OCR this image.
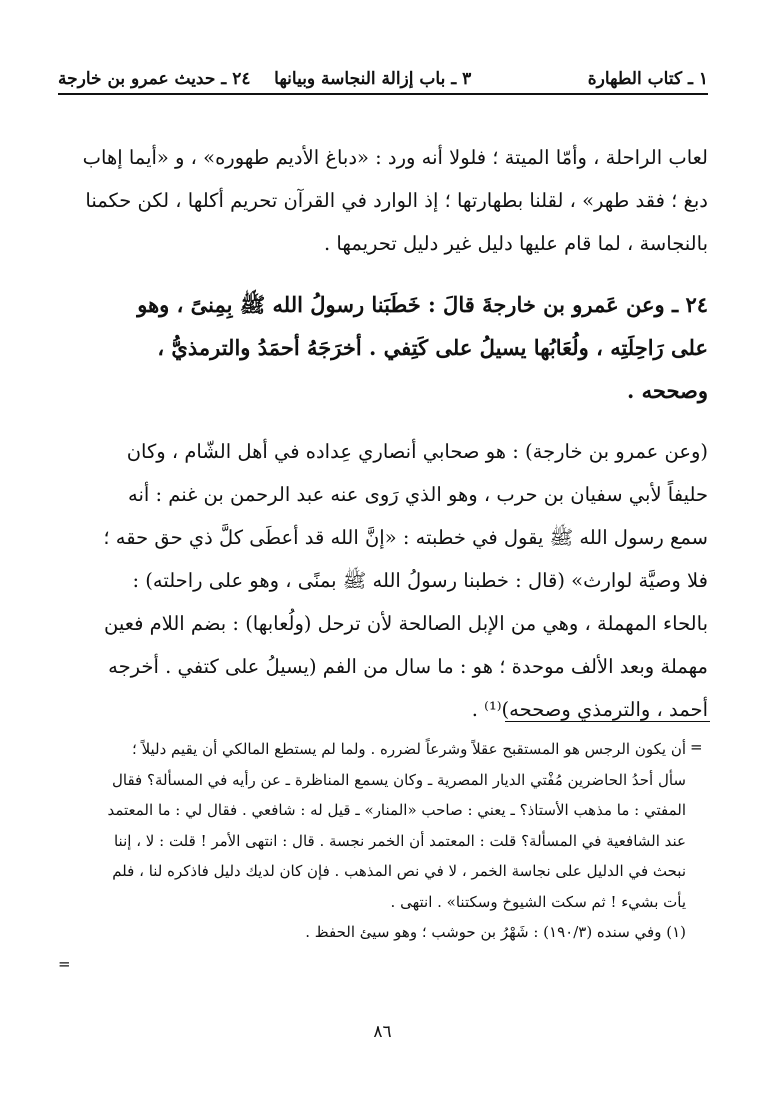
١ ـ كتاب الطهارة
٣ ـ باب إزالة النجاسة وبيانها    ٢٤ ـ حديث عمرو بن خارجة

لعاب الراحلة ، وأمّا الميتة ؛ فلولا أنه ورد : «دباغ الأديم طهوره» ، و «أيما إهاب
دبغ ؛ فقد طهر» ، لقلنا بطهارتها ؛ إذ الوارد في القرآن تحريم أكلها ، لكن حكمنا
بالنجاسة ، لما قام عليها دليل غير دليل تحريمها .

٢٤ ـ وعن عَمرو بن خارجةَ قالَ : خَطَبَنا رسولُ الله ﷺ بِمِنىً ، وهو
على رَاحِلَتِه ، ولُعَابُها يسيلُ على كَتِفي . أخرَجَهُ أحمَدُ والترمذيُّ ،
وصححه .

(وعن عمرو بن خارجة) : هو صحابي أنصاري عِداده في أهل الشّام ، وكان
حليفاً لأبي سفيان بن حرب ، وهو الذي رَوى عنه عبد الرحمن بن غنم : أنه
سمع رسول الله ﷺ يقول في خطبته : «إنَّ الله قد أعطَى كلَّ ذي حق حقه ؛
فلا وصيَّة لوارث» (قال : خطبنا رسولُ الله ﷺ بمنًى ، وهو على راحلته) :
بالحاء المهملة ، وهي من الإبل الصالحة لأن ترحل (ولُعابها) : بضم اللام فعين
مهملة وبعد الألف موحدة ؛ هو : ما سال من الفم (يسيلُ على كتفي . أخرجه
أحمد ، والترمذي وصححه)⁽¹⁾ .

=

أن يكون الرجس هو المستقبح عقلاً وشرعاً لضرره . ولما لم يستطع المالكي أن يقيم دليلاً ؛
سأل أحدُ الحاضرين مُفْتي الديار المصرية ـ وكان يسمع المناظرة ـ عن رأيه في المسألة؟ فقال
المفتي : ما مذهب الأستاذ؟ ـ يعني : صاحب «المنار» ـ قيل له : شافعي . فقال لي : ما المعتمد
عند الشافعية في المسألة؟ قلت : المعتمد أن الخمر نجسة . قال : انتهى الأمر ! قلت : لا ، إننا
نبحث في الدليل على نجاسة الخمر ، لا في نص المذهب . فإن كان لديك دليل فاذكره لنا ، فلم
يأت بشيء ! ثم سكت الشيوخ وسكتنا» . انتهى .

(١) وفي سنده (١٩٠/٣) : شَهْرُ بن حوشب ؛ وهو سيئ الحفظ .

=
٨٦
